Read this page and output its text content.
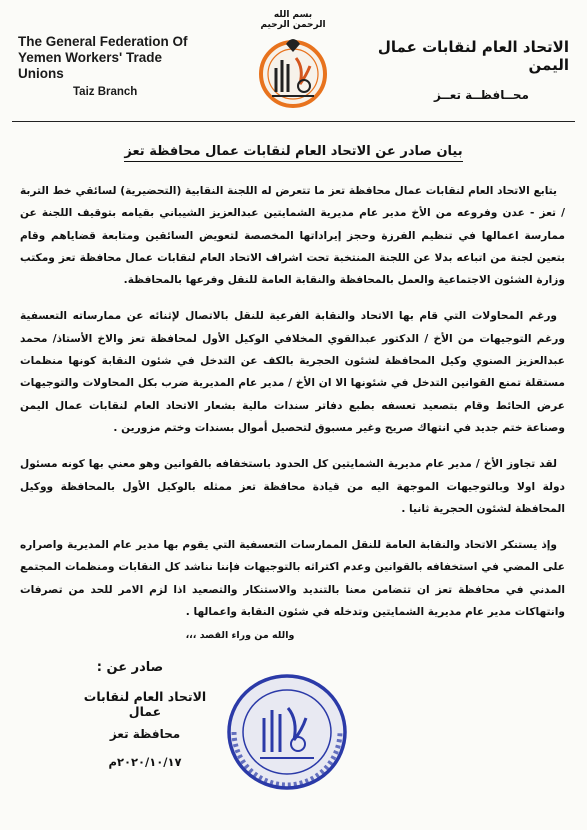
The General Federation Of
Yemen Workers' Trade Unions
Taiz Branch
بسم الله الرحمن الرحيم
الاتحاد العام لنقابات عمال اليمن
محــافظــة تعــز
بيان صادر عن الاتحاد العام لنقابات عمال محافظة تعز

يتابع الاتحاد العام لنقابات عمال محافظة تعز ما تتعرض له اللجنة النقابية (التحضيرية) لسائقي خط التربة / تعز - عدن وفروعه من الأخ مدير عام مديرية الشمايتين عبدالعزيز الشيباني بقيامه بتوقيف اللجنة عن ممارسة اعمالها في تنظيم الفرزة وحجز إيراداتها المخصصة لتعويض السائقين ومتابعة قضاياهم وقام بتعين لجنة من اتباعه بدلا عن اللجنة المنتخبة تحت اشراف الاتحاد العام لنقابات عمال محافظة تعز ومكتب وزارة الشئون الاجتماعية والعمل بالمحافظة والنقابة العامة للنقل وفرعها بالمحافظة.

ورغم المحاولات التي قام بها الاتحاد والنقابة الفرعية للنقل بالاتصال لإثنائه عن ممارساته التعسفية ورغم التوجيهات من الأخ / الدكتور عبدالقوي المخلافي الوكيل الأول لمحافظة تعز والاخ الأستاذ/ محمد عبدالعزيز الصنوي وكيل المحافظة لشئون الحجرية بالكف عن التدخل في شئون النقابة كونها منظمات مستقلة تمنع القوانين التدخل في شئونها الا ان الأخ / مدير عام المديرية ضرب بكل المحاولات والتوجيهات عرض الحائط وقام بتصعيد تعسفه بطبع دفاتر سندات مالية بشعار الاتحاد العام لنقابات عمال اليمن وصناعة ختم جديد في انتهاك صريح وغير مسبوق لتحصيل أموال بسندات وختم مزورين .

لقد تجاوز الأخ / مدير عام مديرية الشمايتين كل الحدود باستخفافه بالقوانين وهو معني بها كونه مسئول دولة اولا وبالتوجيهات الموجهة اليه من قيادة محافظة تعز ممثله بالوكيل الأول بالمحافظة ووكيل المحافظة لشئون الحجرية ثانيا .

وإذ يستنكر الاتحاد والنقابة العامة للنقل الممارسات التعسفية التي يقوم بها مدير عام المديرية واصراره على المضي في استخفافه بالقوانين وعدم اكتراثه بالتوجيهات فإننا نناشد كل النقابات ومنظمات المجتمع المدني في محافظة تعز ان تتضامن معنا بالتنديد والاستنكار والتصعيد اذا لزم الامر للحد من تصرفات وانتهاكات مدير عام مديرية الشمايتين وتدخله في شئون النقابة واعمالها .

والله من وراء القصد ،،،
صادر عن :
الاتحاد العام لنقابات عمال
محافظة تعز
٢٠٢٠/١٠/١٧م
